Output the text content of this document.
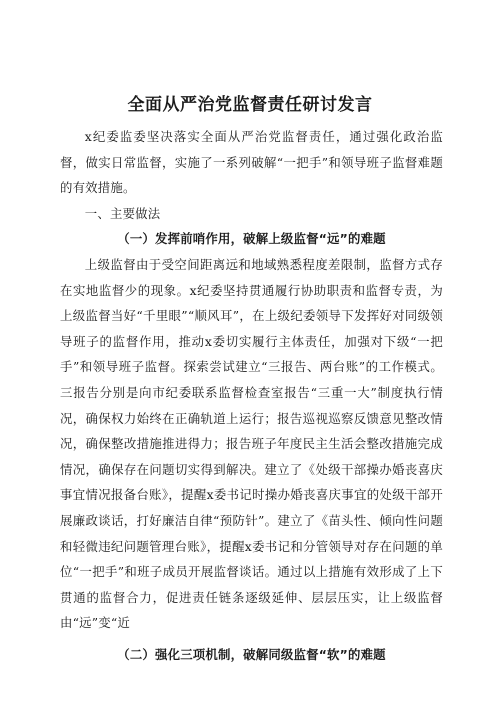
全面从严治党监督责任研讨发言

x纪委监委坚决落实全面从严治党监督责任，通过强化政治监督，做实日常监督，实施了一系列破解“一把手”和领导班子监督难题的有效措施。

一、主要做法

（一）发挥前哨作用，破解上级监督“远”的难题

上级监督由于受空间距离远和地域熟悉程度差限制，监督方式存在实地监督少的现象。x纪委坚持贯通履行协助职责和监督专责，为上级监督当好“千里眼”“顺风耳”，在上级纪委领导下发挥好对同级领导班子的监督作用，推动x委切实履行主体责任，加强对下级“一把手”和领导班子监督。探索尝试建立“三报告、两台账”的工作模式。三报告分别是向市纪委联系监督检查室报告“三重一大”制度执行情况，确保权力始终在正确轨道上运行；报告巡视巡察反馈意见整改情况，确保整改措施推进得力；报告班子年度民主生活会整改措施完成情况，确保存在问题切实得到解决。建立了《处级干部操办婚丧喜庆事宜情况报备台账》，提醒x委书记时操办婚丧喜庆事宜的处级干部开展廉政谈话，打好廉洁自律“预防针”。建立了《苗头性、倾向性问题和轻微违纪问题管理台账》，提醒x委书记和分管领导对存在问题的单位“一把手”和班子成员开展监督谈话。通过以上措施有效形成了上下贯通的监督合力，促进责任链条逐级延伸、层层压实，让上级监督由“远”变“近

（二）强化三项机制，破解同级监督“软”的难题
